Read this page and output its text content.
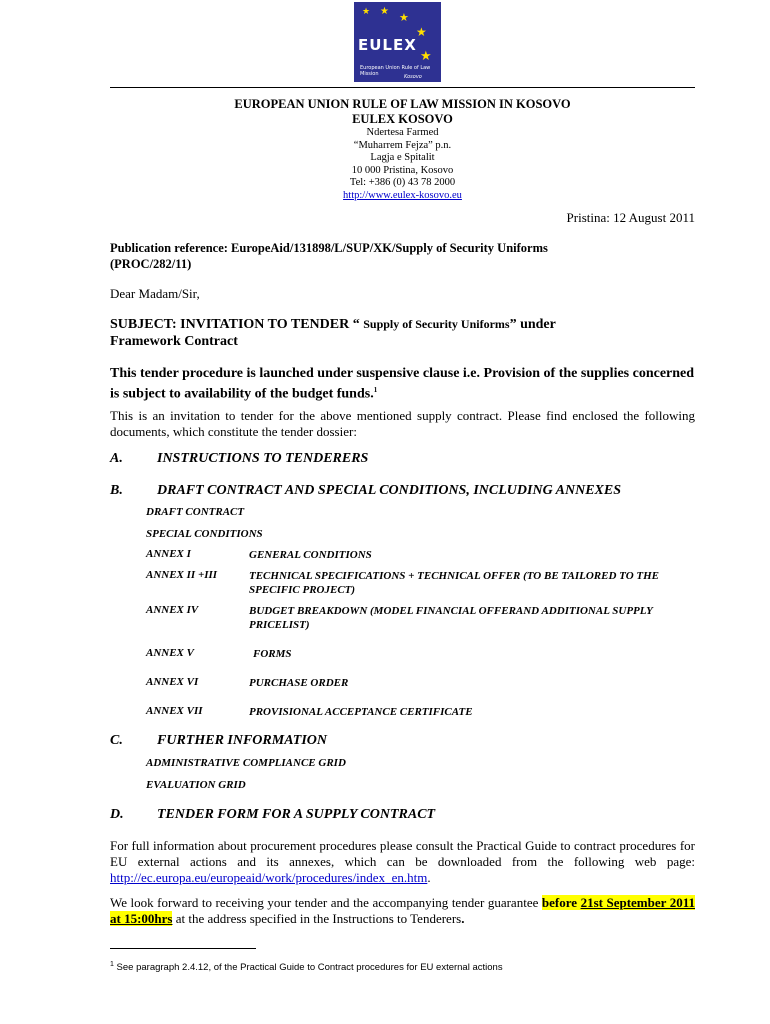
★ ★ ★
★
★
EULEX
European Union Rule of Law Mission	Kosovo
EUROPEAN UNION RULE OF LAW MISSION IN KOSOVO
EULEX KOSOVO
Ndertesa Farmed
“Muharrem Fejza” p.n.
Lagja e Spitalit
10 000 Pristina, Kosovo
Tel: +386 (0) 43 78 2000
http://www.eulex-kosovo.eu
Pristina: 12 August 2011
Publication reference: EuropeAid/131898/L/SUP/XK/Supply of Security Uniforms
(PROC/282/11)
Dear Madam/Sir,
SUBJECT: INVITATION TO TENDER “ Supply of Security Uniforms” under
Framework Contract
This tender procedure is launched under suspensive clause i.e. Provision of the supplies concerned is subject to availability of the budget funds.$^1$
This is an invitation to tender for the above mentioned supply contract. Please find enclosed the following documents, which constitute the tender dossier:
A. INSTRUCTIONS TO TENDERERS
B. DRAFT CONTRACT AND SPECIAL CONDITIONS, INCLUDING ANNEXES
DRAFT CONTRACT
SPECIAL CONDITIONS
ANNEX I	GENERAL CONDITIONS
ANNEX II +III	TECHNICAL SPECIFICATIONS + TECHNICAL OFFER (TO BE TAILORED TO THE SPECIFIC PROJECT)
ANNEX IV	BUDGET BREAKDOWN (MODEL FINANCIAL OFFERAND ADDITIONAL SUPPLY PRICELIST)
ANNEX V	FORMS
ANNEX VI	PURCHASE ORDER
ANNEX VII	PROVISIONAL ACCEPTANCE CERTIFICATE
C. FURTHER INFORMATION
ADMINISTRATIVE COMPLIANCE GRID
EVALUATION GRID
D. TENDER FORM FOR A SUPPLY CONTRACT
For full information about procurement procedures please consult the Practical Guide to contract procedures for EU external actions and its annexes, which can be downloaded from the following web page: http://ec.europa.eu/europeaid/work/procedures/index_en.htm.
We look forward to receiving your tender and the accompanying tender guarantee before 21st September 2011 at 15:00hrs at the address specified in the Instructions to Tenderers.
$^1$ See paragraph 2.4.12, of the Practical Guide to Contract procedures for EU external actions
